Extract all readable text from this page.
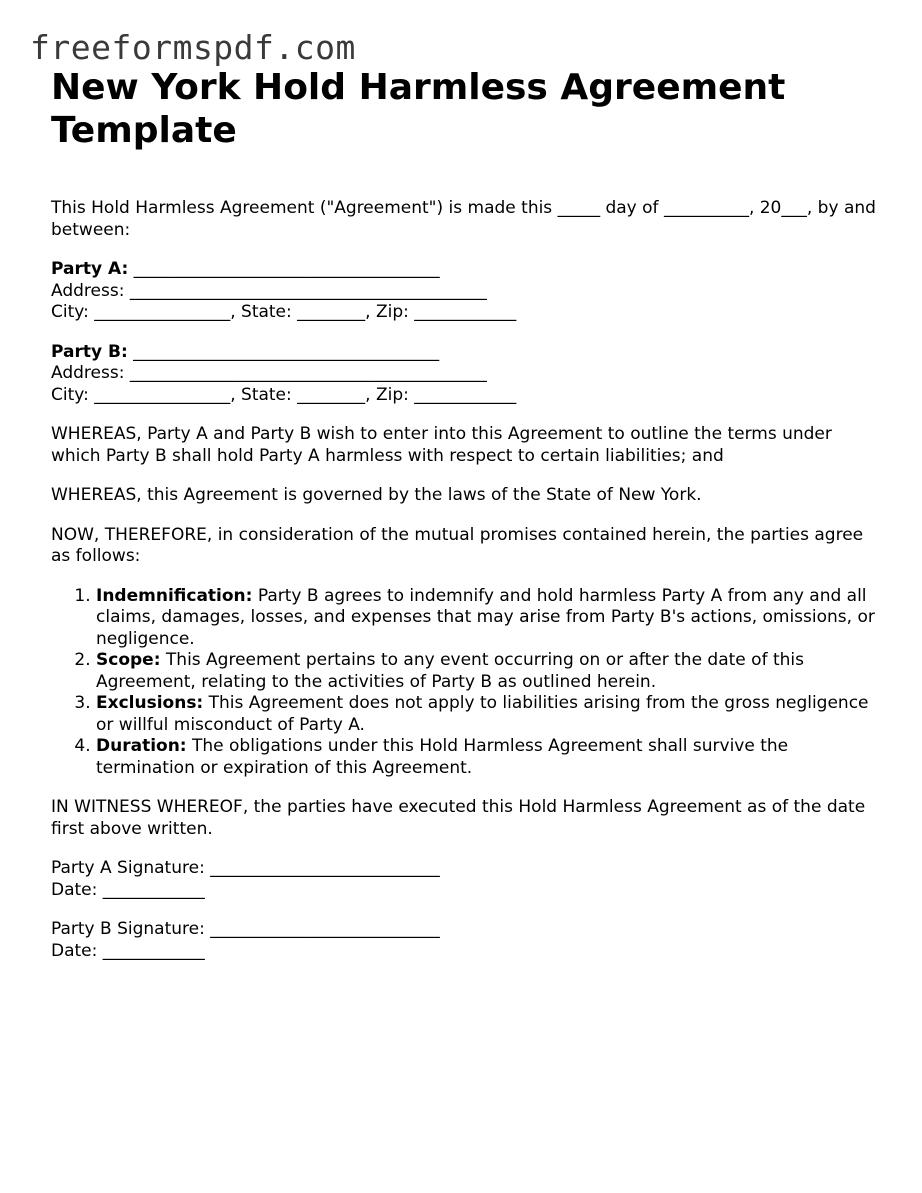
freeformspdf.com
New York Hold Harmless Agreement Template

This Hold Harmless Agreement ("Agreement") is made this _____ day of __________, 20___, by and between:

Party A: ____________________________________
Address: __________________________________________
City: ________________, State: ________, Zip: ____________
Party B: ____________________________________
Address: __________________________________________
City: ________________, State: ________, Zip: ____________

WHEREAS, Party A and Party B wish to enter into this Agreement to outline the terms under which Party B shall hold Party A harmless with respect to certain liabilities; and

WHEREAS, this Agreement is governed by the laws of the State of New York.

NOW, THEREFORE, in consideration of the mutual promises contained herein, the parties agree as follows:

1. Indemnification: Party B agrees to indemnify and hold harmless Party A from any and all claims, damages, losses, and expenses that may arise from Party B's actions, omissions, or negligence.
2. Scope: This Agreement pertains to any event occurring on or after the date of this Agreement, relating to the activities of Party B as outlined herein.
3. Exclusions: This Agreement does not apply to liabilities arising from the gross negligence or willful misconduct of Party A.
4. Duration: The obligations under this Hold Harmless Agreement shall survive the termination or expiration of this Agreement.

IN WITNESS WHEREOF, the parties have executed this Hold Harmless Agreement as of the date first above written.

Party A Signature: ___________________________
Date: ____________
Party B Signature: ___________________________
Date: ____________
